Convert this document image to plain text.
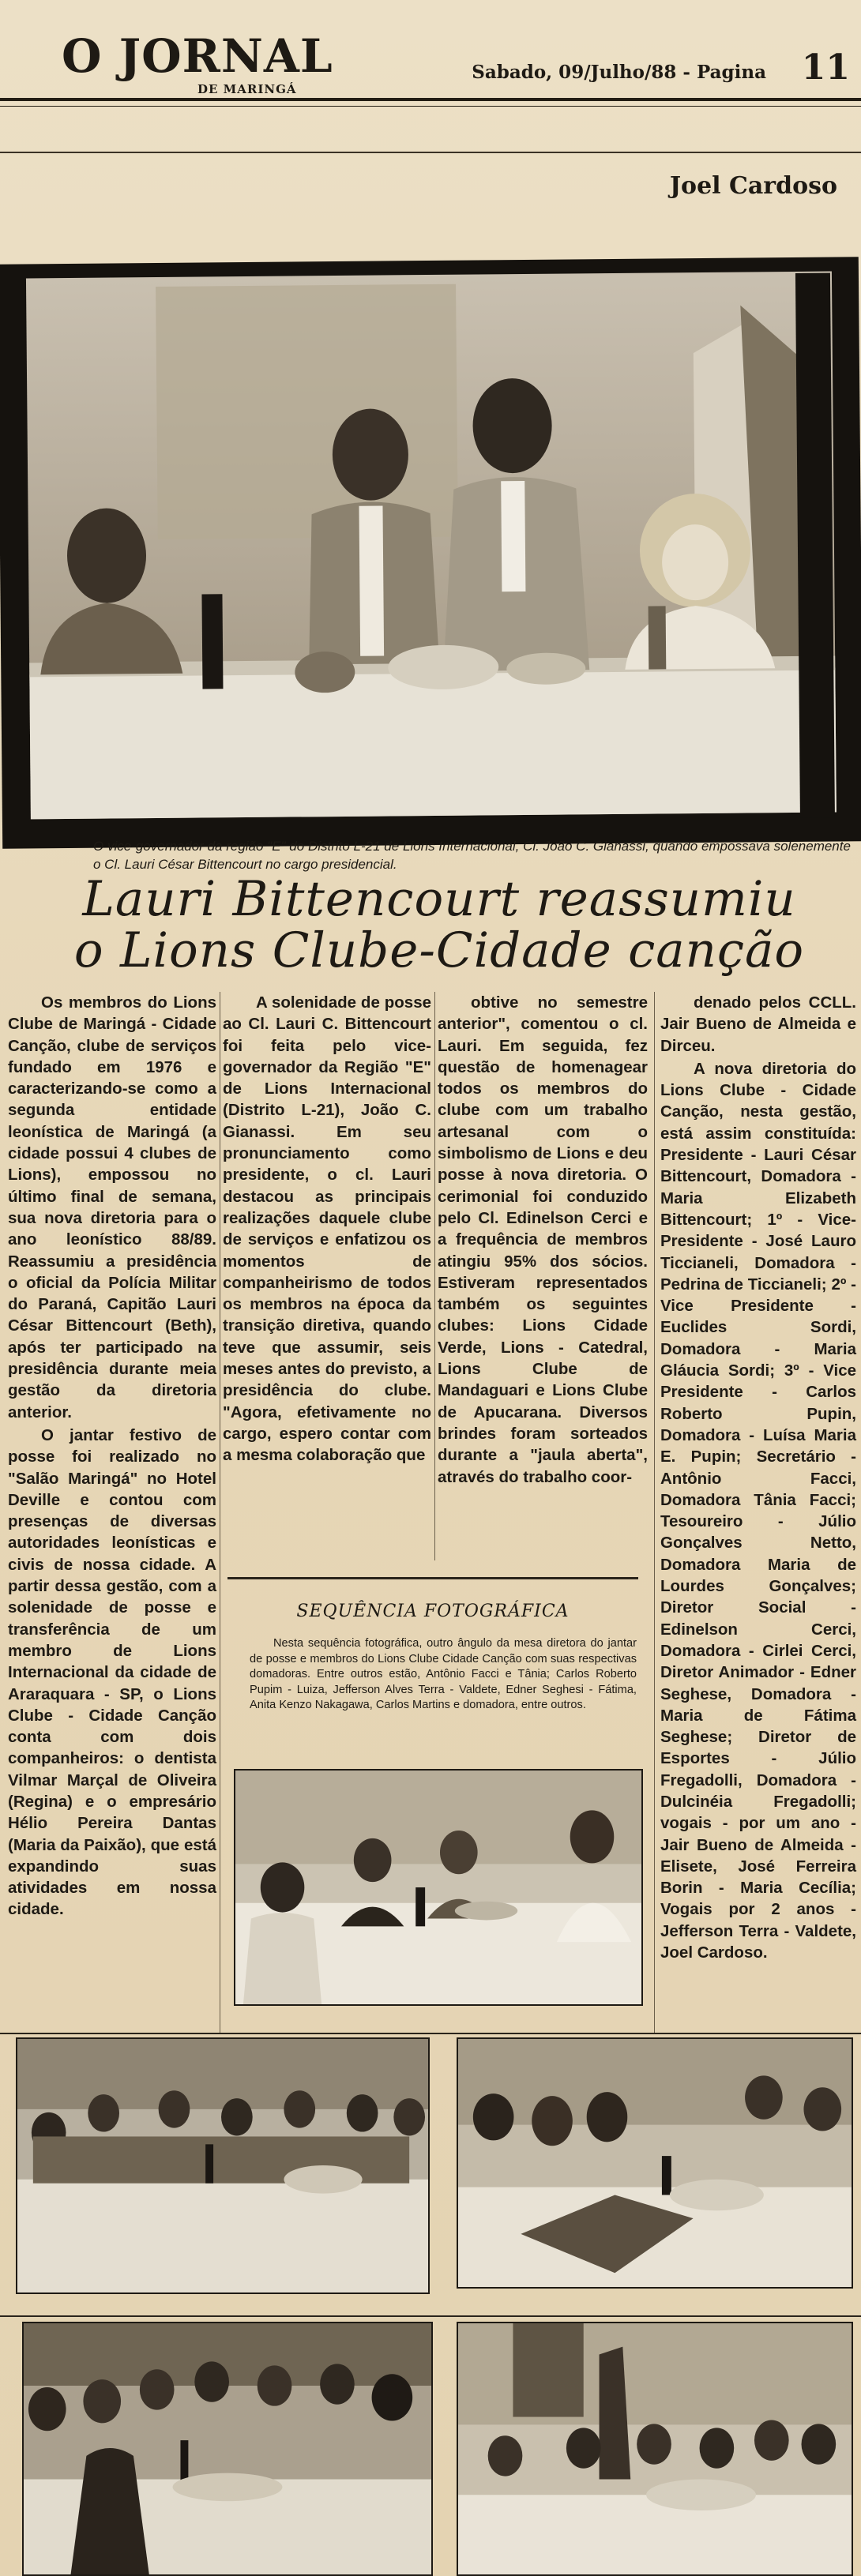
O JORNAL
DE MARINGÁ
Sabado, 09/Julho/88 - Pagina 11
Joel Cardoso
O vice-governador da região "E" do Distrito L-21 de Lions Internacional, Cl. João C. Gianassi, quando empossava solenemente o Cl. Lauri César Bittencourt no cargo presidencial.
Lauri Bittencourt reassumiu
o Lions Clube-Cidade canção

Os membros do Lions Clube de Maringá - Cidade Canção, clube de serviços fundado em 1976 e caracterizando-se como a segunda entidade leonística de Maringá (a cidade possui 4 clubes de Lions), empossou no último final de semana, sua nova diretoria para o ano leonístico 88/89. Reassumiu a presidência o oficial da Polícia Militar do Paraná, Capitão Lauri César Bittencourt (Beth), após ter participado na presidência durante meia gestão da diretoria anterior.

O jantar festivo de posse foi realizado no "Salão Maringá" no Hotel Deville e contou com presenças de diversas autoridades leonísticas e civis de nossa cidade. A partir dessa gestão, com a solenidade de posse e transferência de um membro de Lions Internacional da cidade de Araraquara - SP, o Lions Clube - Cidade Canção conta com dois companheiros: o dentista Vilmar Marçal de Oliveira (Regina) e o empresário Hélio Pereira Dantas (Maria da Paixão), que está expandindo suas atividades em nossa cidade.

A solenidade de posse ao Cl. Lauri C. Bittencourt foi feita pelo vice-governador da Região "E" de Lions Internacional (Distrito L-21), João C. Gianassi. Em seu pronunciamento como presidente, o cl. Lauri destacou as principais realizações daquele clube de serviços e enfatizou os momentos de companheirismo de todos os membros na época da transição diretiva, quando teve que assumir, seis meses antes do previsto, a presidência do clube. "Agora, efetivamente no cargo, espero contar com a mesma colaboração que

obtive no semestre anterior", comentou o cl. Lauri. Em seguida, fez questão de homenagear todos os membros do clube com um trabalho artesanal com o simbolismo de Lions e deu posse à nova diretoria. O cerimonial foi conduzido pelo Cl. Edinelson Cerci e a frequência de membros atingiu 95% dos sócios. Estiveram representados também os seguintes clubes: Lions Cidade Verde, Lions - Catedral, Lions Clube de Mandaguari e Lions Clube de Apucarana. Diversos brindes foram sorteados durante a "jaula aberta", através do trabalho coor-

denado pelos CCLL. Jair Bueno de Almeida e Dirceu.

A nova diretoria do Lions Clube - Cidade Canção, nesta gestão, está assim constituída: Presidente - Lauri César Bittencourt, Domadora - Maria Elizabeth Bittencourt; 1º - Vice-Presidente - José Lauro Ticcianeli, Domadora - Pedrina de Ticcianeli; 2º - Vice Presidente - Euclides Sordi, Domadora - Maria Gláucia Sordi; 3º - Vice Presidente - Carlos Roberto Pupin, Domadora - Luísa Maria E. Pupin; Secretário - Antônio Facci, Domadora Tânia Facci; Tesoureiro - Júlio Gonçalves Netto, Domadora Maria de Lourdes Gonçalves; Diretor Social - Edinelson Cerci, Domadora - Cirlei Cerci, Diretor Animador - Edner Seghese, Domadora - Maria de Fátima Seghese; Diretor de Esportes - Júlio Fregadolli, Domadora - Dulcinéia Fregadolli; vogais - por um ano - Jair Bueno de Almeida - Elisete, José Ferreira Borin - Maria Cecília; Vogais por 2 anos - Jefferson Terra - Valdete, Joel Cardoso.

SEQUÊNCIA FOTOGRÁFICA
Nesta sequência fotográfica, outro ângulo da mesa diretora do jantar de posse e membros do Lions Clube Cidade Canção com suas respectivas domadoras. Entre outros estão, Antônio Facci e Tânia; Carlos Roberto Pupim - Luiza, Jefferson Alves Terra - Valdete, Edner Seghesi - Fátima, Anita Kenzo Nakagawa, Carlos Martins e domadora, entre outros.
